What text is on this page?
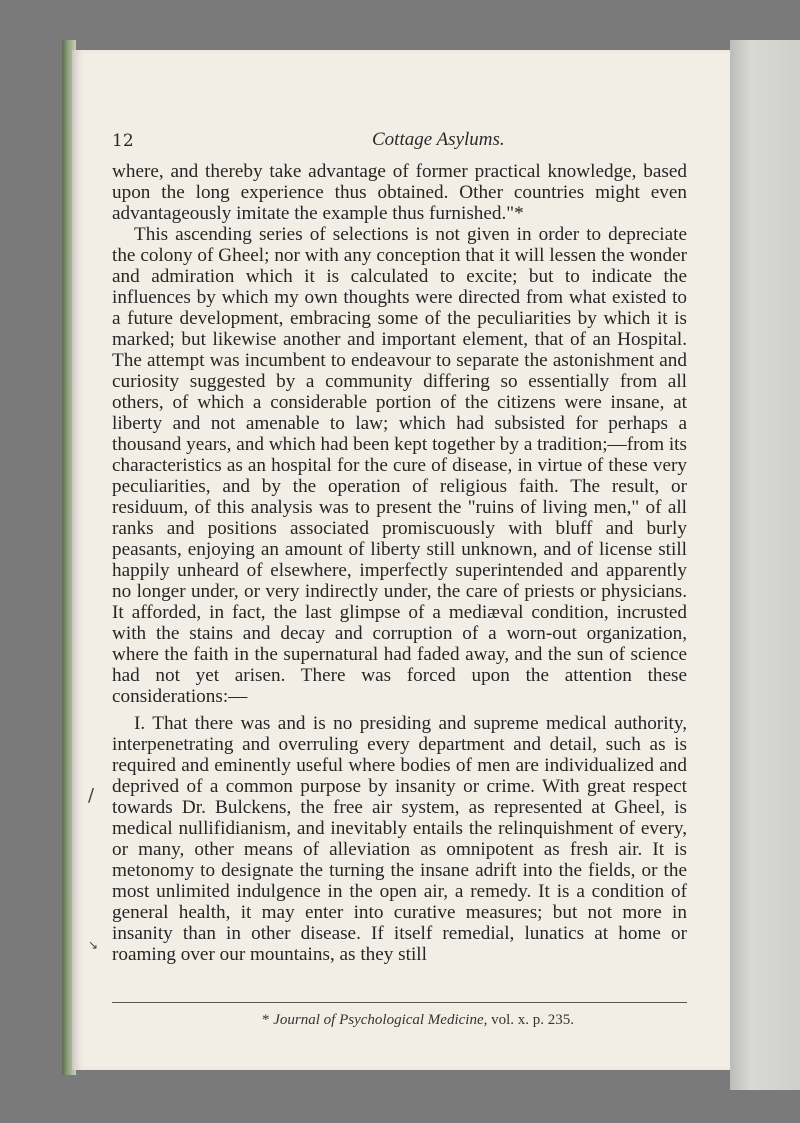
12	Cottage Asylums.

where, and thereby take advantage of former practical knowledge, based upon the long experience thus obtained. Other countries might even advantageously imitate the example thus furnished."*

This ascending series of selections is not given in order to depreciate the colony of Gheel; nor with any conception that it will lessen the wonder and admiration which it is calculated to excite; but to indicate the influences by which my own thoughts were directed from what existed to a future development, embracing some of the peculiarities by which it is marked; but likewise another and important element, that of an Hospital. The attempt was incumbent to endeavour to separate the astonishment and curiosity suggested by a community differing so essentially from all others, of which a considerable portion of the citizens were insane, at liberty and not amenable to law; which had subsisted for perhaps a thousand years, and which had been kept together by a tradition;—from its characteristics as an hospital for the cure of disease, in virtue of these very peculiarities, and by the operation of religious faith. The result, or residuum, of this analysis was to present the "ruins of living men," of all ranks and positions associated promiscuously with bluff and burly peasants, enjoying an amount of liberty still unknown, and of license still happily unheard of elsewhere, imperfectly superintended and apparently no longer under, or very indirectly under, the care of priests or physicians. It afforded, in fact, the last glimpse of a mediæval condition, incrusted with the stains and decay and corruption of a worn-out organization, where the faith in the supernatural had faded away, and the sun of science had not yet arisen. There was forced upon the attention these considerations:—

I. That there was and is no presiding and supreme medical authority, interpenetrating and overruling every department and detail, such as is required and eminently useful where bodies of men are individualized and deprived of a common purpose by insanity or crime. With great respect towards Dr. Bulckens, the free air system, as represented at Gheel, is medical nullifidianism, and inevitably entails the relinquishment of every, or many, other means of alleviation as omnipotent as fresh air. It is metonomy to designate the turning the insane adrift into the fields, or the most unlimited indulgence in the open air, a remedy. It is a condition of general health, it may enter into curative measures; but not more in insanity than in other disease. If itself remedial, lunatics at home or roaming over our mountains, as they still

/
↘
* Journal of Psychological Medicine, vol. x. p. 235.
